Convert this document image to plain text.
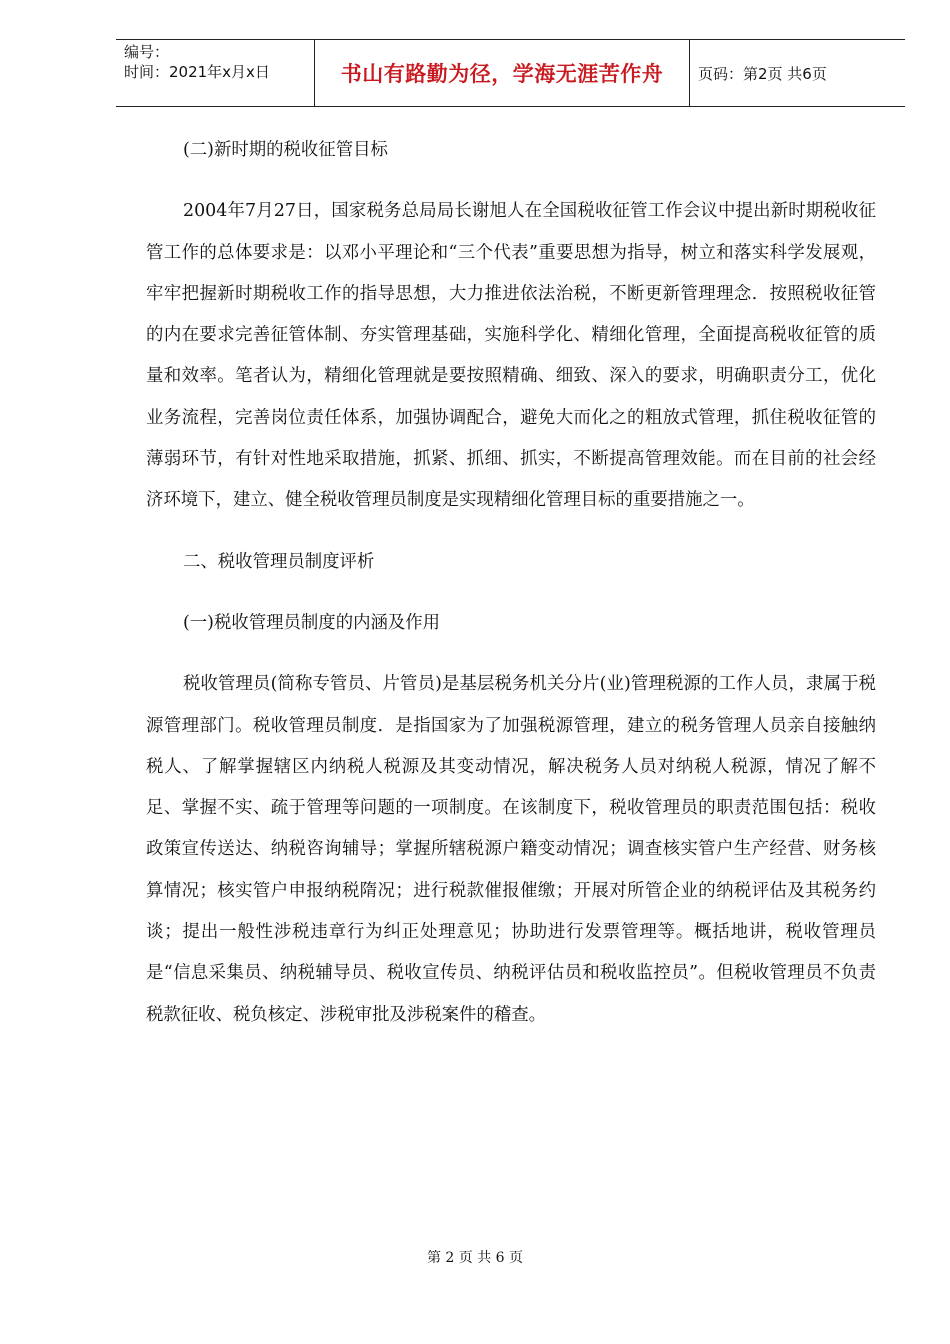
编号：
时间：2021年x月x日	书山有路勤为径，学海无涯苦作舟	页码：第2页 共6页

(二)新时期的税收征管目标

2004年7月27日，国家税务总局局长谢旭人在全国税收征管工作会议中提出新时期税收征管工作的总体要求是：以邓小平理论和“三个代表”重要思想为指导，树立和落实科学发展观，牢牢把握新时期税收工作的指导思想，大力推进依法治税，不断更新管理理念．按照税收征管的内在要求完善征管体制、夯实管理基础，实施科学化、精细化管理，全面提高税收征管的质量和效率。笔者认为，精细化管理就是要按照精确、细致、深入的要求，明确职责分工，优化业务流程，完善岗位责任体系，加强协调配合，避免大而化之的粗放式管理，抓住税收征管的薄弱环节，有针对性地采取措施，抓紧、抓细、抓实，不断提高管理效能。而在目前的社会经济环境下，建立、健全税收管理员制度是实现精细化管理目标的重要措施之一。

二、税收管理员制度评析

(一)税收管理员制度的内涵及作用

税收管理员(简称专管员、片管员)是基层税务机关分片(业)管理税源的工作人员，隶属于税源管理部门。税收管理员制度．是指国家为了加强税源管理，建立的税务管理人员亲自接触纳税人、了解掌握辖区内纳税人税源及其变动情况，解决税务人员对纳税人税源，情况了解不足、掌握不实、疏于管理等问题的一项制度。在该制度下，税收管理员的职责范围包括：税收政策宣传送达、纳税咨询辅导；掌握所辖税源户籍变动情况；调查核实管户生产经营、财务核算情况；核实管户申报纳税隋况；进行税款催报催缴；开展对所管企业的纳税评估及其税务约谈；提出一般性涉税违章行为纠正处理意见；协助进行发票管理等。概括地讲，税收管理员是“信息采集员、纳税辅导员、税收宣传员、纳税评估员和税收监控员”。但税收管理员不负责税款征收、税负核定、涉税审批及涉税案件的稽查。

第 2 页 共 6 页
